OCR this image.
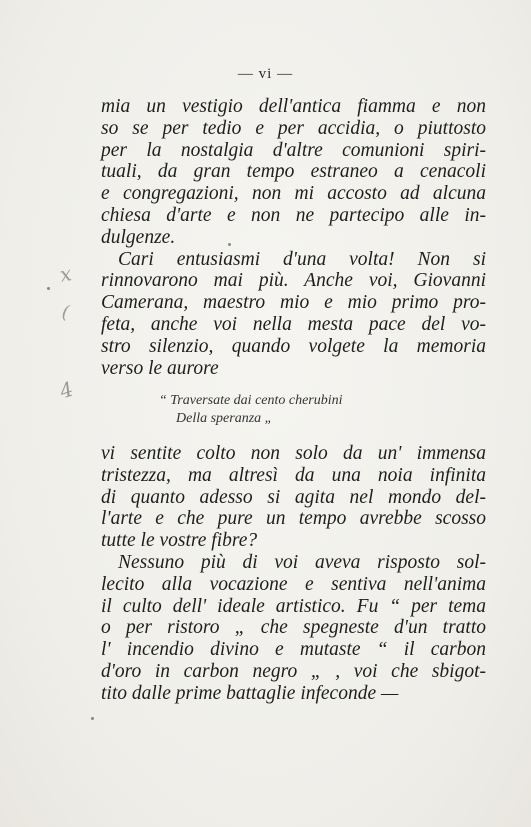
— vi —
mia un vestigio dell'antica fiamma e non
so se per tedio e per accidia, o piuttosto
per la nostalgia d'altre comunioni spiri-
tuali, da gran tempo estraneo a cenacoli
e congregazioni, non mi accosto ad alcuna
chiesa d'arte e non ne partecipo alle in-
dulgenze.
Cari entusiasmi d'una volta! Non si
rinnovarono mai più. Anche voi, Giovanni
Camerana, maestro mio e mio primo pro-
feta, anche voi nella mesta pace del vo-
stro silenzio, quando volgete la memoria
verso le aurore
“ Traversate dai cento cherubini
Della speranza „
vi sentite colto non solo da un' immensa
tristezza, ma altresì da una noia infinita
di quanto adesso si agita nel mondo del-
l'arte e che pure un tempo avrebbe scosso
tutte le vostre fibre?
Nessuno più di voi aveva risposto sol-
lecito alla vocazione e sentiva nell'anima
il culto dell' ideale artistico. Fu “ per tema
o per ristoro „ che spegneste d'un tratto
l' incendio divino e mutaste “ il carbon
d'oro in carbon negro „ , voi che sbigot-
tito dalle prime battaglie infeconde —
x
(
4
